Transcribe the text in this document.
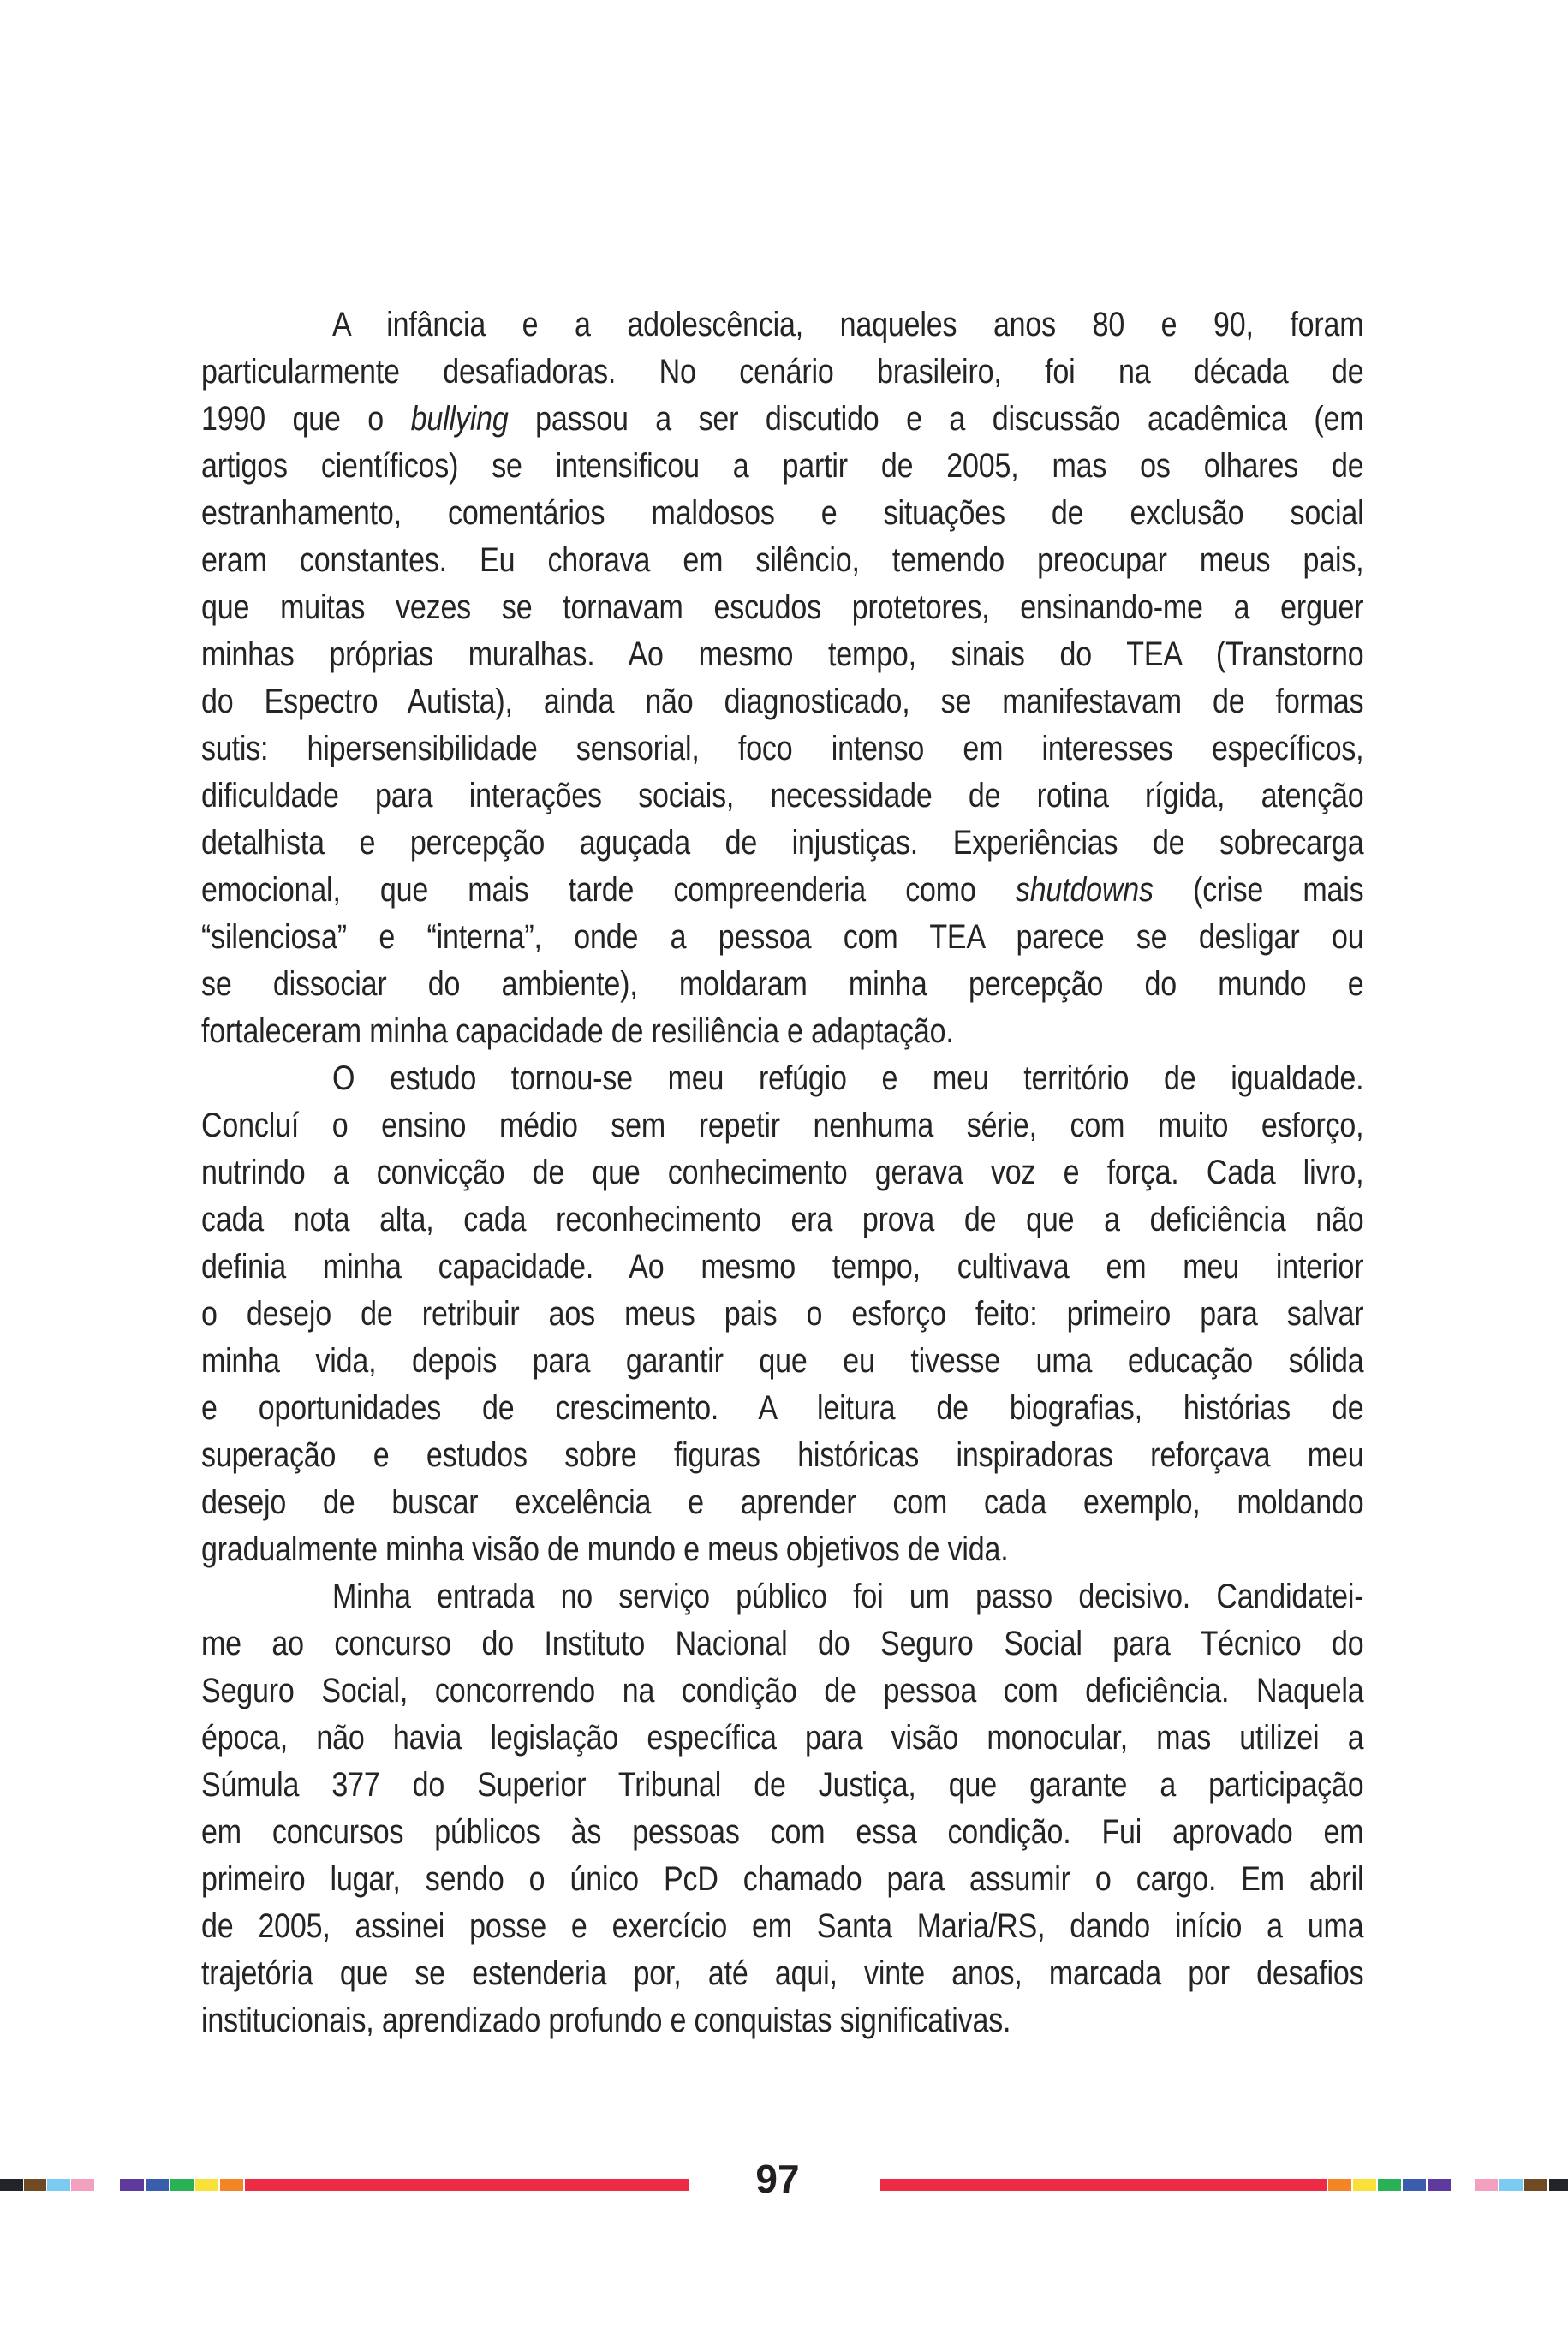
A infância e a adolescência, naqueles anos 80 e 90, foram
particularmente desafiadoras. No cenário brasileiro, foi na década de
1990 que o bullying passou a ser discutido e a discussão acadêmica (em
artigos científicos) se intensificou a partir de 2005, mas os olhares de
estranhamento, comentários maldosos e situações de exclusão social
eram constantes. Eu chorava em silêncio, temendo preocupar meus pais,
que muitas vezes se tornavam escudos protetores, ensinando-me a erguer
minhas próprias muralhas. Ao mesmo tempo, sinais do TEA (Transtorno
do Espectro Autista), ainda não diagnosticado, se manifestavam de formas
sutis: hipersensibilidade sensorial, foco intenso em interesses específicos,
dificuldade para interações sociais, necessidade de rotina rígida, atenção
detalhista e percepção aguçada de injustiças. Experiências de sobrecarga
emocional, que mais tarde compreenderia como shutdowns (crise mais
“silenciosa” e “interna”, onde a pessoa com TEA parece se desligar ou
se dissociar do ambiente), moldaram minha percepção do mundo e
fortaleceram minha capacidade de resiliência e adaptação.
O estudo tornou-se meu refúgio e meu território de igualdade.
Concluí o ensino médio sem repetir nenhuma série, com muito esforço,
nutrindo a convicção de que conhecimento gerava voz e força. Cada livro,
cada nota alta, cada reconhecimento era prova de que a deficiência não
definia minha capacidade. Ao mesmo tempo, cultivava em meu interior
o desejo de retribuir aos meus pais o esforço feito: primeiro para salvar
minha vida, depois para garantir que eu tivesse uma educação sólida
e oportunidades de crescimento. A leitura de biografias, histórias de
superação e estudos sobre figuras históricas inspiradoras reforçava meu
desejo de buscar excelência e aprender com cada exemplo, moldando
gradualmente minha visão de mundo e meus objetivos de vida.
Minha entrada no serviço público foi um passo decisivo. Candidatei-
me ao concurso do Instituto Nacional do Seguro Social para Técnico do
Seguro Social, concorrendo na condição de pessoa com deficiência. Naquela
época, não havia legislação específica para visão monocular, mas utilizei a
Súmula 377 do Superior Tribunal de Justiça, que garante a participação
em concursos públicos às pessoas com essa condição. Fui aprovado em
primeiro lugar, sendo o único PcD chamado para assumir o cargo. Em abril
de 2005, assinei posse e exercício em Santa Maria/RS, dando início a uma
trajetória que se estenderia por, até aqui, vinte anos, marcada por desafios
institucionais, aprendizado profundo e conquistas significativas.
97
